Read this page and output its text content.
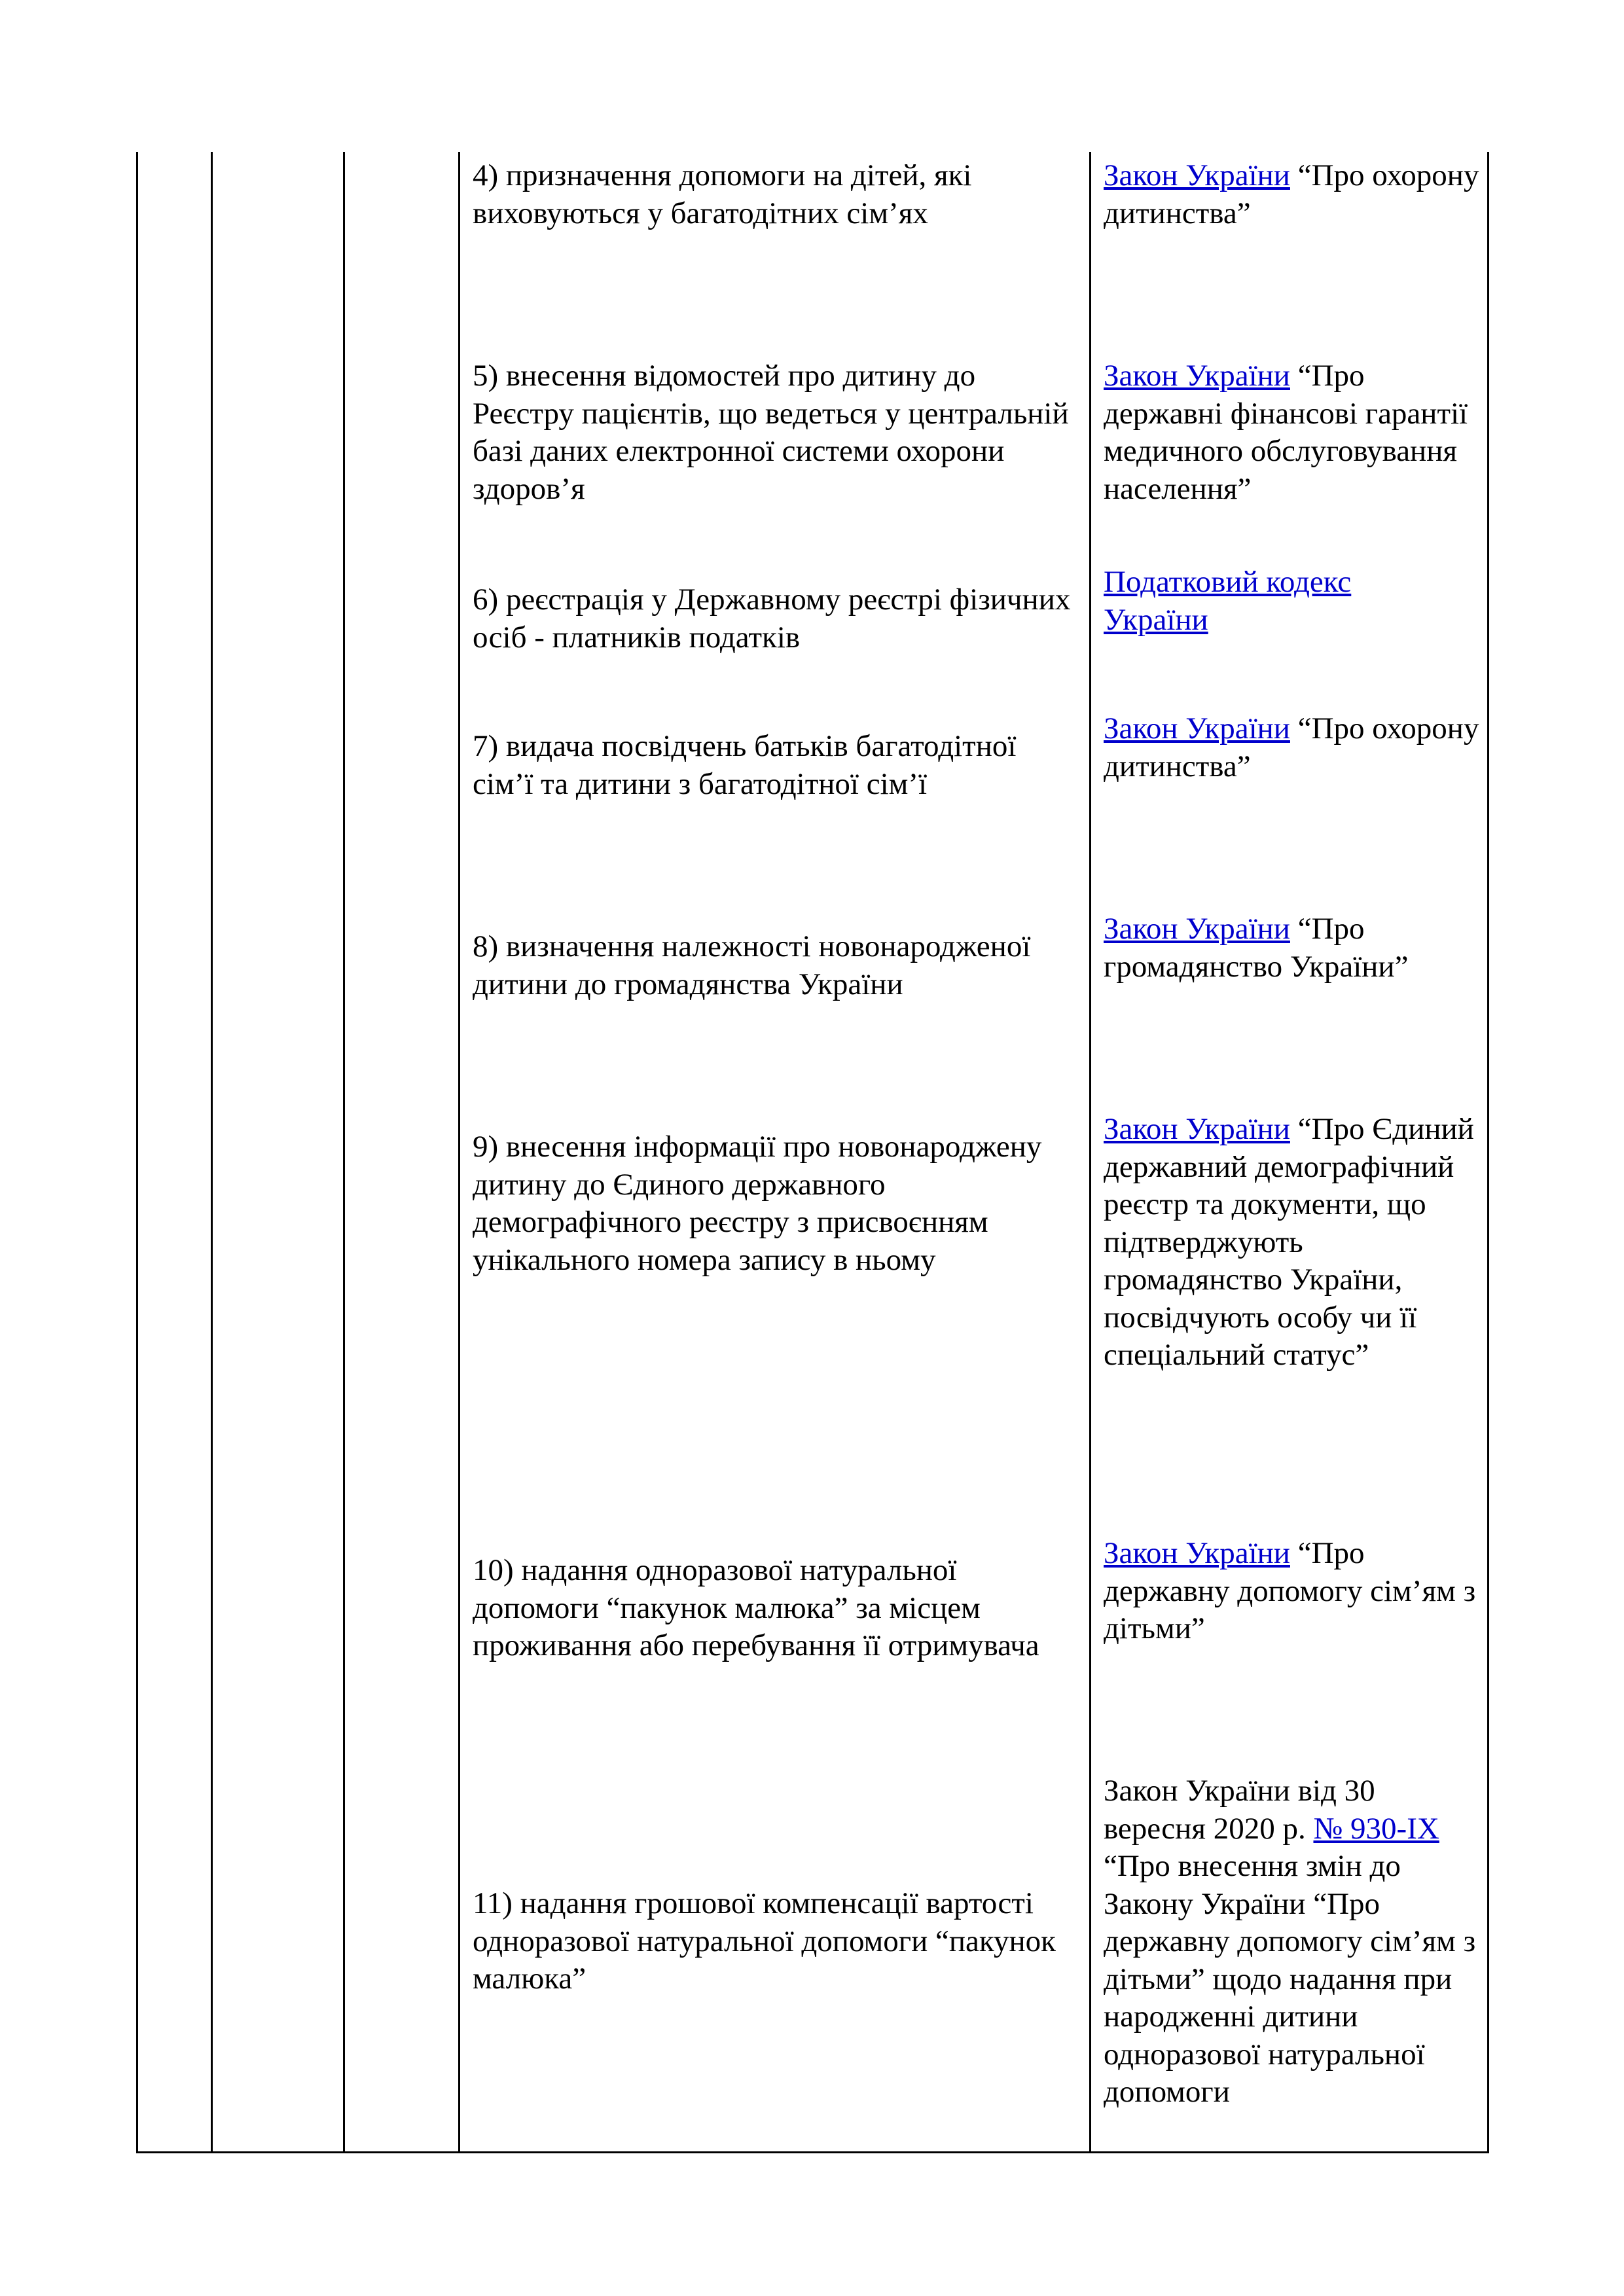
4) призначення допомоги на дітей, які виховуються у багатодітних сім’ях
Закон України “Про охорону дитинства”
5) внесення відомостей про дитину до Реєстру пацієнтів, що ведеться у центральній базі даних електронної системи охорони здоров’я
Закон України “Про державні фінансові гарантії медичного обслуговування населення”
6) реєстрація у Державному реєстрі фізичних осіб - платників податків
Податковий кодекс України
7) видача посвідчень батьків багатодітної сім’ї та дитини з багатодітної сім’ї
Закон України “Про охорону дитинства”
8) визначення належності новонародженої дитини до громадянства України
Закон України “Про громадянство України”
9) внесення інформації про новонароджену дитину до Єдиного державного демографічного реєстру з присвоєнням унікального номера запису в ньому
Закон України “Про Єдиний державний демографічний реєстр та документи, що підтверджують громадянство України, посвідчують особу чи її спеціальний статус”
10) надання одноразової натуральної допомоги “пакунок малюка” за місцем проживання або перебування її отримувача
Закон України “Про державну допомогу сім’ям з дітьми”
11) надання грошової компенсації вартості одноразової натуральної допомоги “пакунок малюка”
Закон України від 30 вересня 2020 р. № 930-IX “Про внесення змін до Закону України “Про державну допомогу сім’ям з дітьми” щодо надання при народженні дитини одноразової натуральної допомоги
